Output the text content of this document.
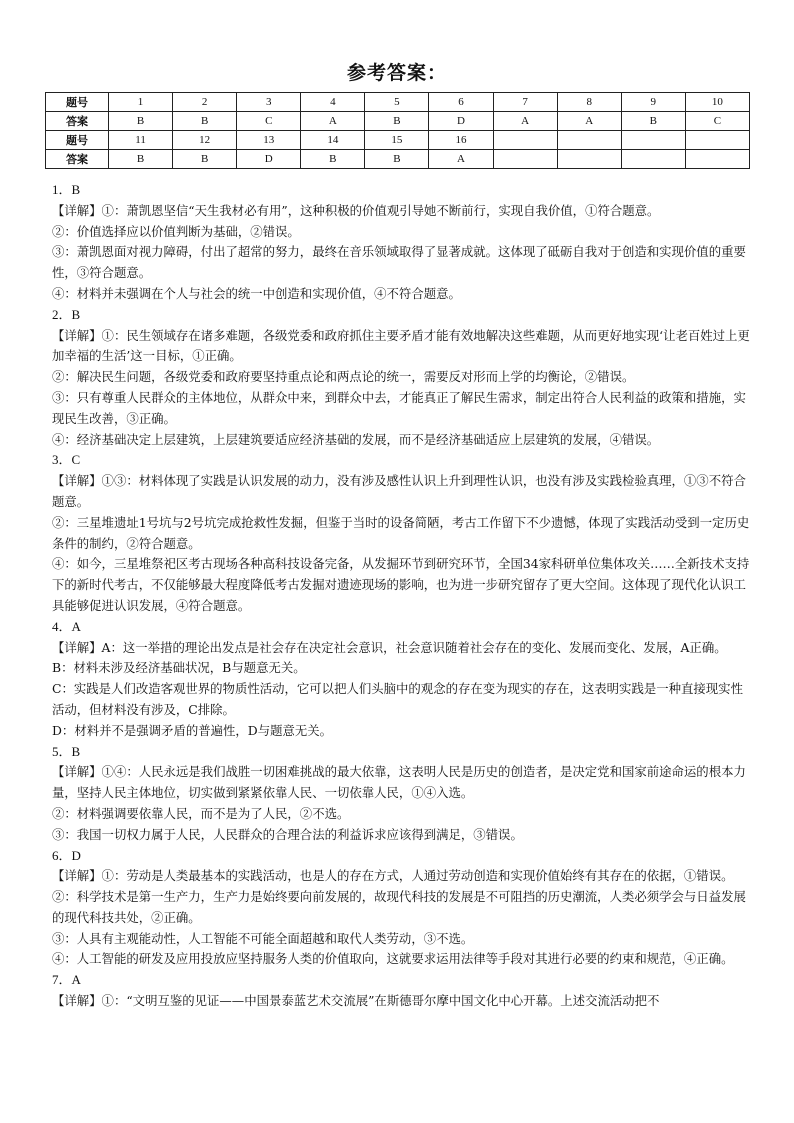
参考答案：
题号	1	2	3	4	5	6	7	8	9	10
答案	B	B	C	A	B	D	A	A	B	C
题号	11	12	13	14	15	16				
答案	B	B	D	B	B	A				
1．B

【详解】①：萧凯恩坚信“天生我材必有用”，这种积极的价值观引导她不断前行，实现自我价值，①符合题意。

②：价值选择应以价值判断为基础，②错误。

③：萧凯恩面对视力障碍，付出了超常的努力，最终在音乐领域取得了显著成就。这体现了砥砺自我对于创造和实现价值的重要性，③符合题意。

④：材料并未强调在个人与社会的统一中创造和实现价值，④不符合题意。

2．B

【详解】①：民生领域存在诸多难题，各级党委和政府抓住主要矛盾才能有效地解决这些难题，从而更好地实现‘让老百姓过上更加幸福的生活’这一目标，①正确。

②：解决民生问题，各级党委和政府要坚持重点论和两点论的统一，需要反对形而上学的均衡论，②错误。

③：只有尊重人民群众的主体地位，从群众中来，到群众中去，才能真正了解民生需求，制定出符合人民利益的政策和措施，实现民生改善，③正确。

④：经济基础决定上层建筑，上层建筑要适应经济基础的发展，而不是经济基础适应上层建筑的发展，④错误。

3．C

【详解】①③：材料体现了实践是认识发展的动力，没有涉及感性认识上升到理性认识，也没有涉及实践检验真理，①③不符合题意。

②：三星堆遗址1号坑与2号坑完成抢救性发掘，但鉴于当时的设备简陋，考古工作留下不少遗憾，体现了实践活动受到一定历史条件的制约，②符合题意。

④：如今，三星堆祭祀区考古现场各种高科技设备完备，从发掘环节到研究环节，全国34家科研单位集体攻关……全新技术支持下的新时代考古，不仅能够最大程度降低考古发掘对遗迹现场的影响，也为进一步研究留存了更大空间。这体现了现代化认识工具能够促进认识发展，④符合题意。

4．A

【详解】A：这一举措的理论出发点是社会存在决定社会意识，社会意识随着社会存在的变化、发展而变化、发展，A正确。

B：材料未涉及经济基础状况，B与题意无关。

C：实践是人们改造客观世界的物质性活动，它可以把人们头脑中的观念的存在变为现实的存在，这表明实践是一种直接现实性活动，但材料没有涉及，C排除。

D：材料并不是强调矛盾的普遍性，D与题意无关。

5．B

【详解】①④：人民永远是我们战胜一切困难挑战的最大依靠，这表明人民是历史的创造者，是决定党和国家前途命运的根本力量，坚持人民主体地位，切实做到紧紧依靠人民、一切依靠人民，①④入选。

②：材料强调要依靠人民，而不是为了人民，②不选。

③：我国一切权力属于人民，人民群众的合理合法的利益诉求应该得到满足，③错误。

6．D

【详解】①：劳动是人类最基本的实践活动，也是人的存在方式，人通过劳动创造和实现价值始终有其存在的依据，①错误。

②：科学技术是第一生产力，生产力是始终要向前发展的，故现代科技的发展是不可阻挡的历史潮流，人类必须学会与日益发展的现代科技共处，②正确。

③：人具有主观能动性，人工智能不可能全面超越和取代人类劳动，③不选。

④：人工智能的研发及应用投放应坚持服务人类的价值取向，这就要求运用法律等手段对其进行必要的约束和规范，④正确。

7．A

【详解】①：“文明互鉴的见证——中国景泰蓝艺术交流展”在斯德哥尔摩中国文化中心开幕。上述交流活动把不
